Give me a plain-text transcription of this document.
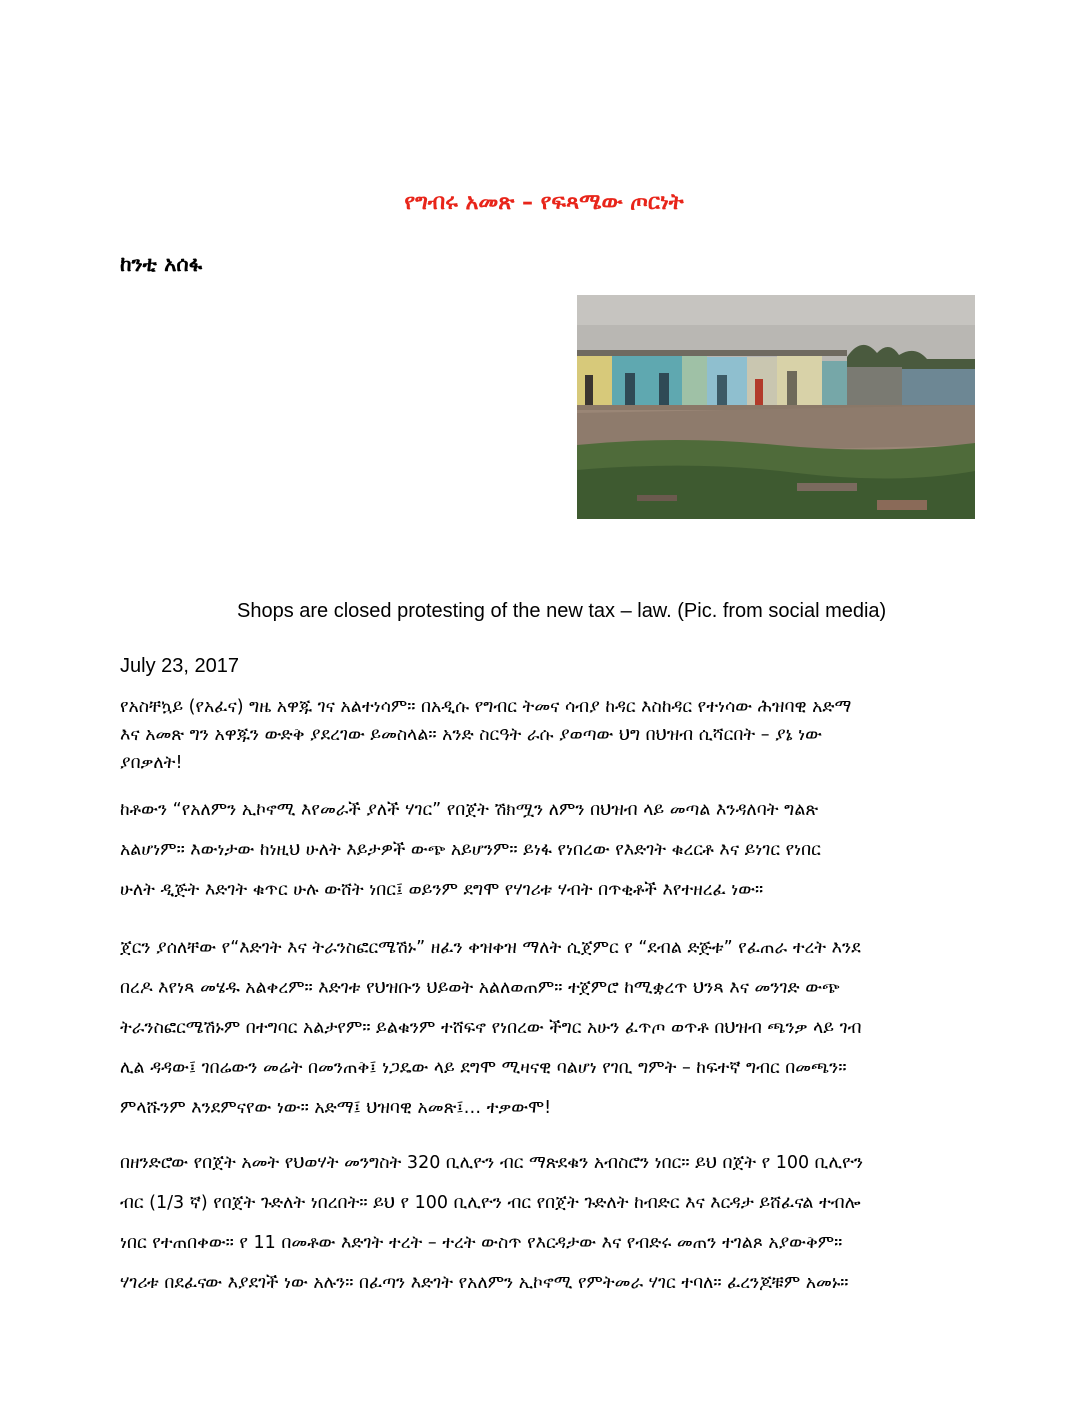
የግብሩ አመጽ – የፍጻሜው ጦርነት
ከንቲ አሰፋ
Shops are closed protesting of the new tax – law. (Pic. from social media)
July 23, 2017
የአስቸኳይ (የአፈና) ግዜ አዋጁ ገና አልተነሳም። በአዲሱ የግብር ትመና ሳብያ ከዳር እስከዳር የተነሳው ሕዝባዊ አድማ
እና አመጽ ግን አዋጁን ውድቅ ያደረገው ይመስላል። አንድ ስርዓት ራሱ ያወጣው ህግ በህዝብ ሲሻርበት – ያኔ ነው
ያበቃለት!
ከቶውን “የአለምን ኢኮኖሚ እየመራች ያለች ሃገር” የበጀት ሽክሟን ለምን በህዝብ ላይ መጣል እንዳለባት ግልጽ
አልሆነም። እውነታው ከነዚህ ሁለት እይታዎች ውጭ አይሆንም። ይነፋ የነበረው የእድገት ቁረርቶ እና ይነገር የነበር
ሁለት ዲጅት እድገት ቁጥር ሁሉ ውሸት ነበር፤ ወይንም ደግሞ የሃገሪቱ ሃብት በጥቂቶች እየተዘረፈ ነው።
ጀርን ያሰለቸው የ“እድገት እና ትራንስፎርሜሽኑ” ዘፈን ቀዝቀዝ ማለት ሲጀምር የ “ደብል ድጅቱ” የፈጠራ ተረት እንደ
በረዶ እየነጻ መሄዱ አልቀረም። እድገቱ የህዝቡን ህይወት አልለወጠም። ተጀምሮ ከሚቋረጥ ህንጻ እና መንገድ ውጭ
ትራንስፎርሜሽኑም በተግባር አልታየም። ይልቁንም ተሸፍኖ የነበረው ችግር አሁን ፈጥጦ ወጥቶ በህዝብ ጫንቃ ላይ ገብ
ሊል ዳዳው፤ ገበሬውን መሬት በመንጠቅ፤ ነጋዴው ላይ ደግሞ ሚዛናዊ ባልሆነ የገቢ ግምት – ከፍተኛ ግብር በመጫን።
ምላሹንም እንደምናየው ነው። አድማ፤ ህዝባዊ አመጽ፤… ተቃውሞ!
በዘንድሮው የበጀት አመት የህወሃት መንግስት 320 ቢሊዮን ብር ማጽደቁን አብስሮን ነበር። ይህ በጀት የ 100 ቢሊዮን
ብር (1/3 ኛ) የበጀት ጉድለት ነበረበት። ይህ የ 100 ቢሊዮን ብር የበጀት ጉድለት ከብድር እና እርዳታ ይሸፈናል ተብሎ
ነበር የተጠበቀው። የ 11 በመቶው እድገት ተረት – ተረት ውስጥ የእርዳታው እና የብድሩ መጠን ተገልጾ አያውቅም።
ሃገሪቱ በደፈናው እያደገች ነው አሉን። በፈጣን እድገት የአለምን ኢኮኖሚ የምትመራ ሃገር ተባለ። ፈረንጆቹም አመኑ።
